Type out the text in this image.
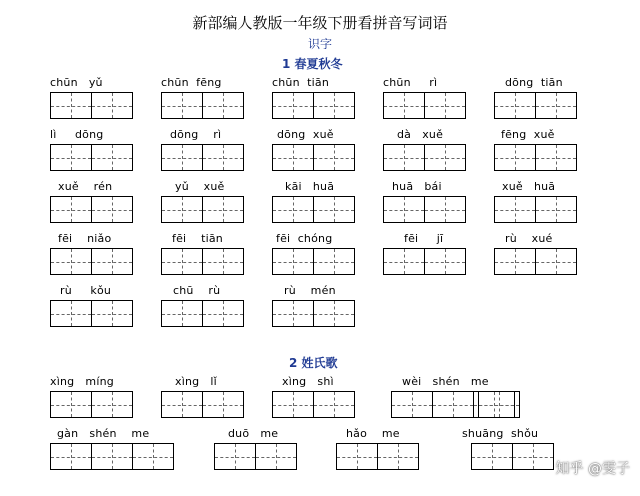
新部编人教版一年级下册看拼音写词语
识字
1 春夏秋冬
2 姓氏歌
chūn   yǔ	chūn  fēng	chūn  tiān	chūn     rì	dōng  tiān
lì     dōng	dōng    rì	dōng  xuě	dà   xuě	fēng  xuě
xuě    rén	yǔ    xuě	kāi   huā	huā   bái	xuě   huā
fēi    niǎo	fēi    tiān	fēi  chóng	fēi     jī	rù    xué
rù     kǒu	chū    rù	rù    mén
xìng   míng	xìng   lǐ	xìng   shì	wèi   shén   me
gàn   shén    me	duō   me	hǎo    me	shuāng  shǒu
知乎 @雯子
